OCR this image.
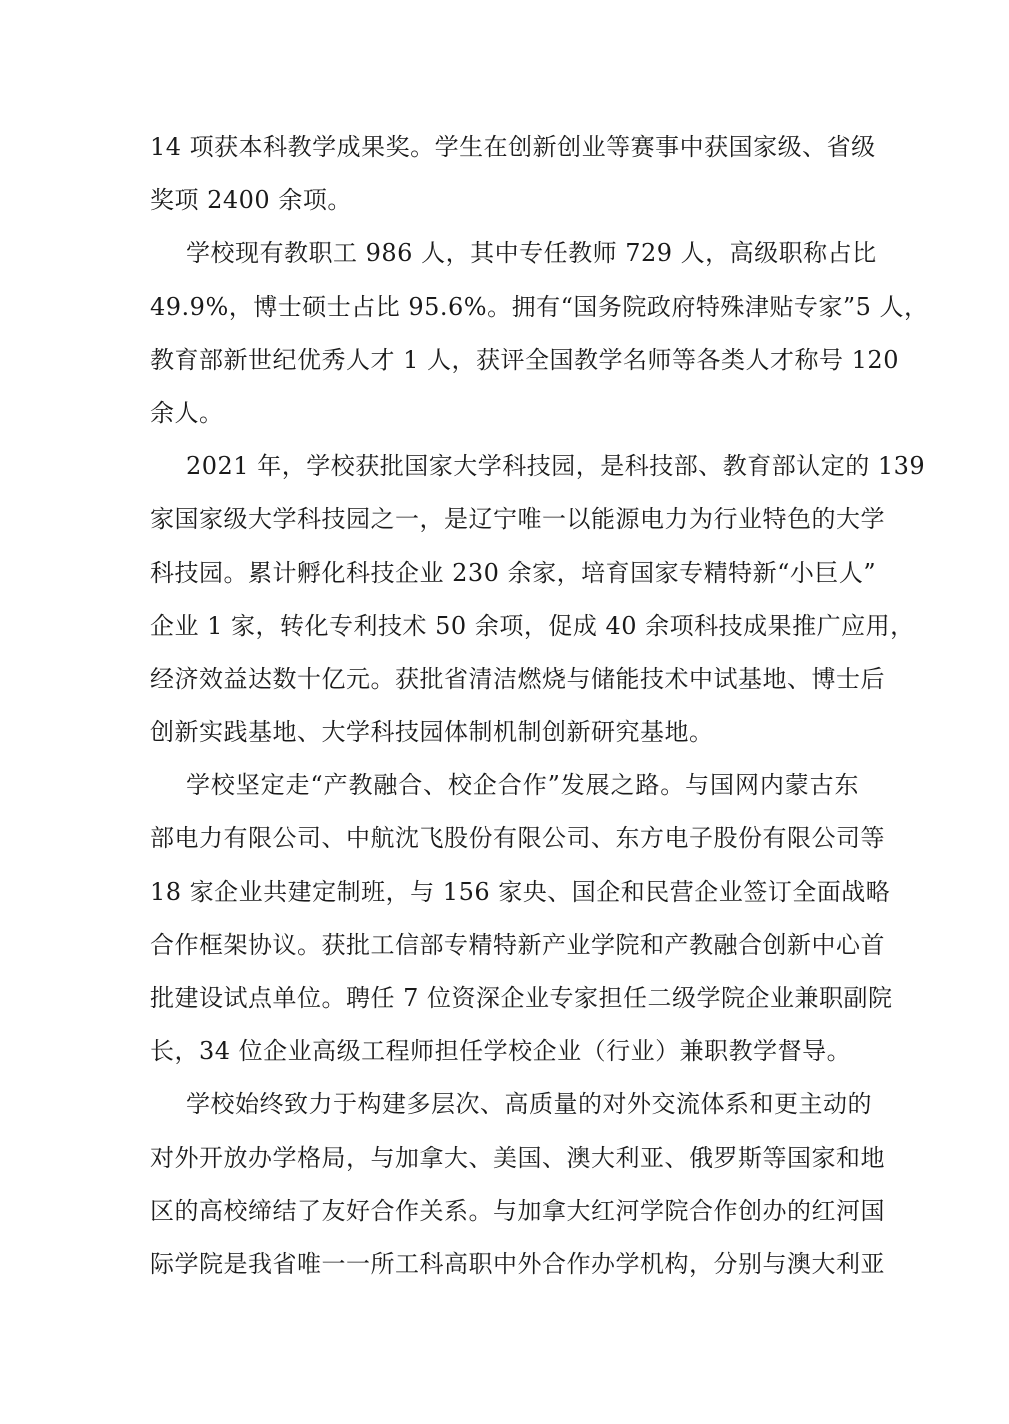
14 项获本科教学成果奖。学生在创新创业等赛事中获国家级、省级
奖项 2400 余项。
学校现有教职工 986 人，其中专任教师 729 人，高级职称占比
49.9%，博士硕士占比 95.6%。拥有“国务院政府特殊津贴专家”5 人，
教育部新世纪优秀人才 1 人，获评全国教学名师等各类人才称号 120
余人。
2021 年，学校获批国家大学科技园，是科技部、教育部认定的 139
家国家级大学科技园之一，是辽宁唯一以能源电力为行业特色的大学
科技园。累计孵化科技企业 230 余家，培育国家专精特新“小巨人”
企业 1 家，转化专利技术 50 余项，促成 40 余项科技成果推广应用，
经济效益达数十亿元。获批省清洁燃烧与储能技术中试基地、博士后
创新实践基地、大学科技园体制机制创新研究基地。
学校坚定走“产教融合、校企合作”发展之路。与国网内蒙古东
部电力有限公司、中航沈飞股份有限公司、东方电子股份有限公司等
18 家企业共建定制班，与 156 家央、国企和民营企业签订全面战略
合作框架协议。获批工信部专精特新产业学院和产教融合创新中心首
批建设试点单位。聘任 7 位资深企业专家担任二级学院企业兼职副院
长，34 位企业高级工程师担任学校企业（行业）兼职教学督导。
学校始终致力于构建多层次、高质量的对外交流体系和更主动的
对外开放办学格局，与加拿大、美国、澳大利亚、俄罗斯等国家和地
区的高校缔结了友好合作关系。与加拿大红河学院合作创办的红河国
际学院是我省唯一一所工科高职中外合作办学机构，分别与澳大利亚
